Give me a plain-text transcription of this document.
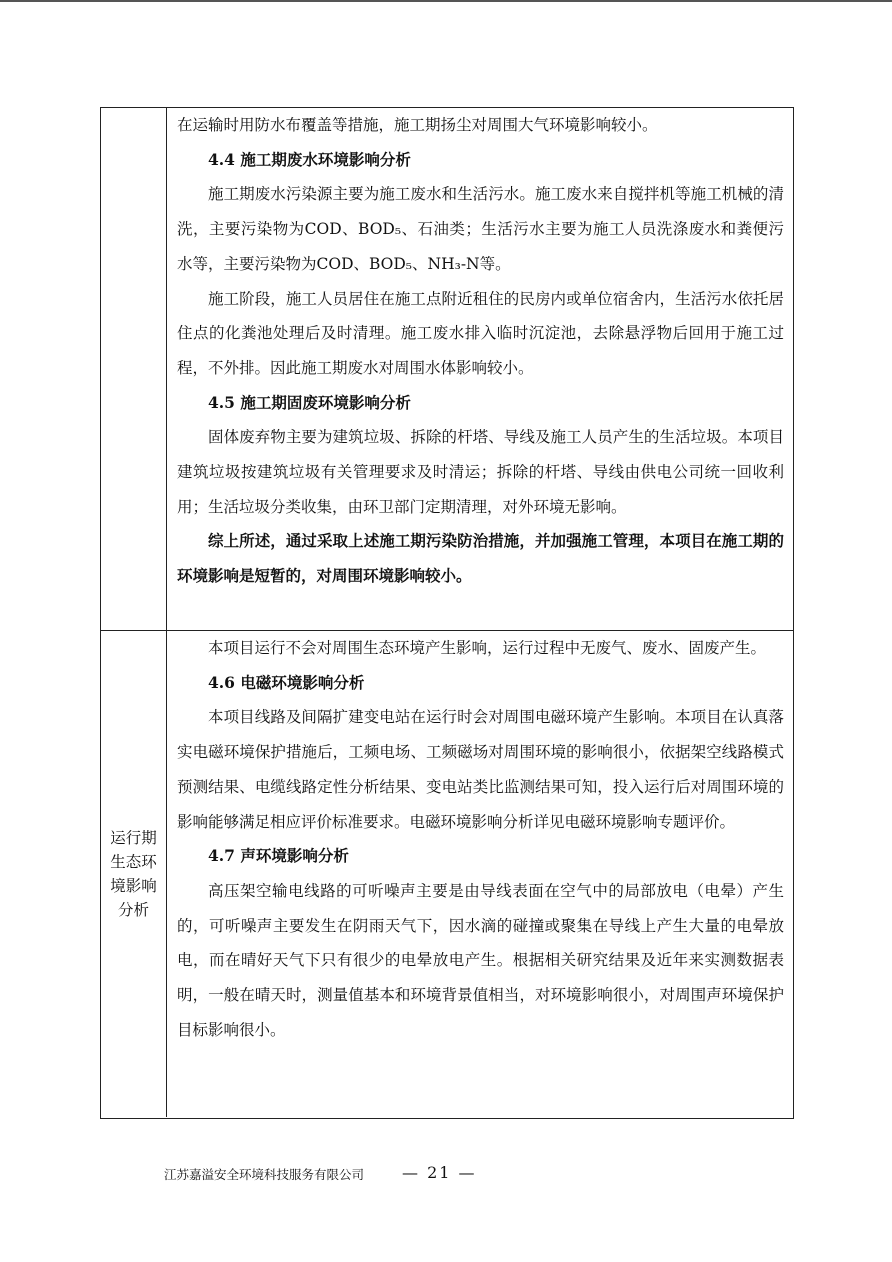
在运输时用防水布覆盖等措施，施工期扬尘对周围大气环境影响较小。

4.4 施工期废水环境影响分析

施工期废水污染源主要为施工废水和生活污水。施工废水来自搅拌机等施工机械的清洗，主要污染物为COD、BOD₅、石油类；生活污水主要为施工人员洗涤废水和粪便污水等，主要污染物为COD、BOD₅、NH₃-N等。

施工阶段，施工人员居住在施工点附近租住的民房内或单位宿舍内，生活污水依托居住点的化粪池处理后及时清理。施工废水排入临时沉淀池，去除悬浮物后回用于施工过程，不外排。因此施工期废水对周围水体影响较小。

4.5 施工期固废环境影响分析

固体废弃物主要为建筑垃圾、拆除的杆塔、导线及施工人员产生的生活垃圾。本项目建筑垃圾按建筑垃圾有关管理要求及时清运；拆除的杆塔、导线由供电公司统一回收利用；生活垃圾分类收集，由环卫部门定期清理，对外环境无影响。

综上所述，通过采取上述施工期污染防治措施，并加强施工管理，本项目在施工期的环境影响是短暂的，对周围环境影响较小。

运行期生态环境影响分析

本项目运行不会对周围生态环境产生影响，运行过程中无废气、废水、固废产生。

4.6 电磁环境影响分析

本项目线路及间隔扩建变电站在运行时会对周围电磁环境产生影响。本项目在认真落实电磁环境保护措施后，工频电场、工频磁场对周围环境的影响很小，依据架空线路模式预测结果、电缆线路定性分析结果、变电站类比监测结果可知，投入运行后对周围环境的影响能够满足相应评价标准要求。电磁环境影响分析详见电磁环境影响专题评价。

4.7 声环境影响分析

高压架空输电线路的可听噪声主要是由导线表面在空气中的局部放电（电晕）产生的，可听噪声主要发生在阴雨天气下，因水滴的碰撞或聚集在导线上产生大量的电晕放电，而在晴好天气下只有很少的电晕放电产生。根据相关研究结果及近年来实测数据表明，一般在晴天时，测量值基本和环境背景值相当，对环境影响很小，对周围声环境保护目标影响很小。

江苏嘉溢安全环境科技服务有限公司 — 21 —
